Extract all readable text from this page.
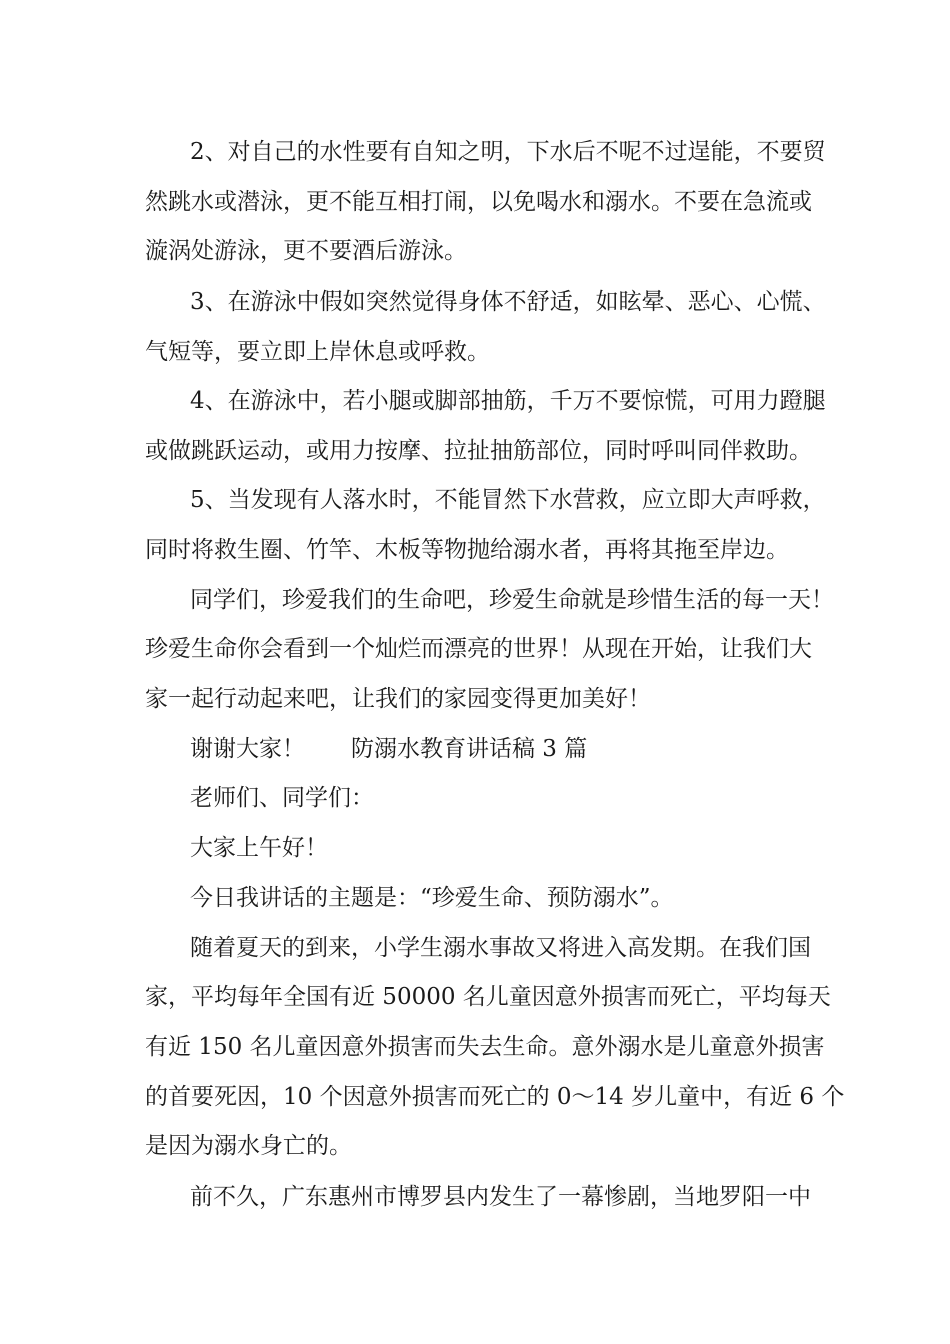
2、对自己的水性要有自知之明，下水后不呢不过逞能，不要贸
然跳水或潜泳，更不能互相打闹，以免喝水和溺水。不要在急流或
漩涡处游泳，更不要酒后游泳。
3、在游泳中假如突然觉得身体不舒适，如眩晕、恶心、心慌、
气短等，要立即上岸休息或呼救。
4、在游泳中，若小腿或脚部抽筋，千万不要惊慌，可用力蹬腿
或做跳跃运动，或用力按摩、拉扯抽筋部位，同时呼叫同伴救助。
5、当发现有人落水时，不能冒然下水营救，应立即大声呼救，
同时将救生圈、竹竿、木板等物抛给溺水者，再将其拖至岸边。
同学们，珍爱我们的生命吧，珍爱生命就是珍惜生活的每一天！
珍爱生命你会看到一个灿烂而漂亮的世界！从现在开始，让我们大
家一起行动起来吧，让我们的家园变得更加美好！
谢谢大家！ 防溺水教育讲话稿 3 篇
老师们、同学们：
大家上午好！
今日我讲话的主题是：“珍爱生命、预防溺水”。
随着夏天的到来，小学生溺水事故又将进入高发期。在我们国
家，平均每年全国有近 50000 名儿童因意外损害而死亡，平均每天
有近 150 名儿童因意外损害而失去生命。意外溺水是儿童意外损害
的首要死因，10 个因意外损害而死亡的 0～14 岁儿童中，有近 6 个
是因为溺水身亡的。
前不久，广东惠州市博罗县内发生了一幕惨剧，当地罗阳一中
